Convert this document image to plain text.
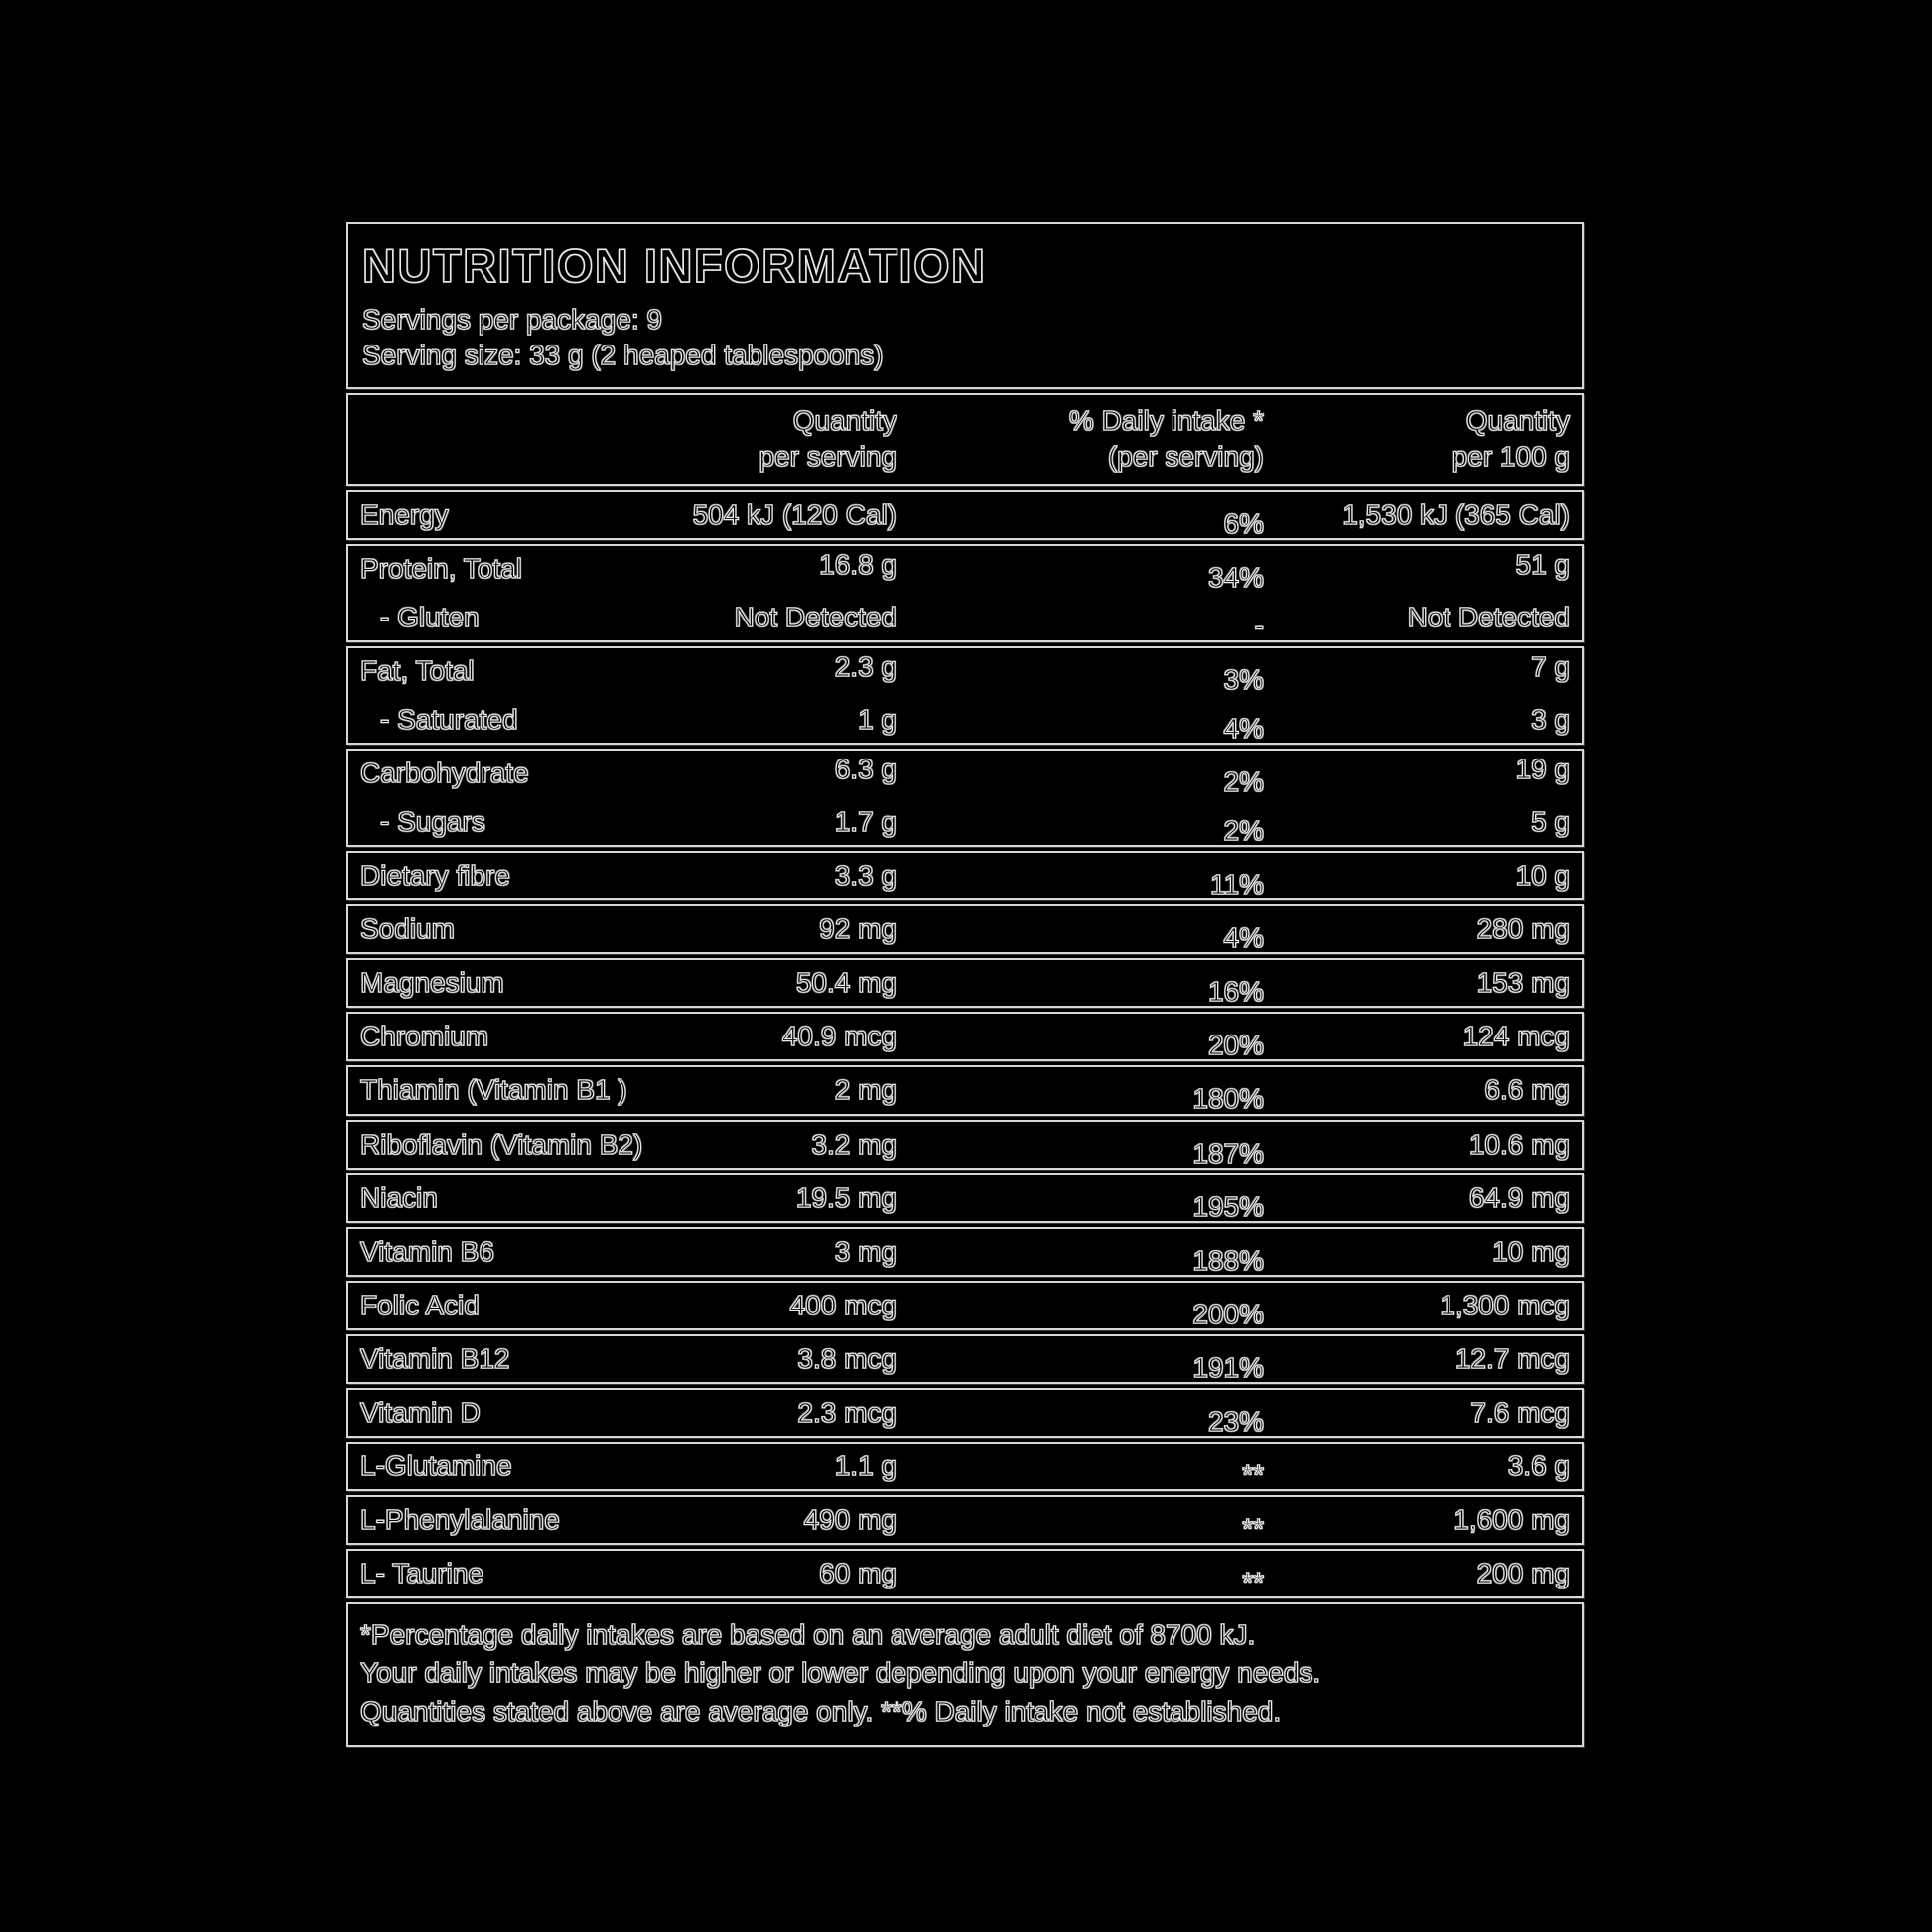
NUTRITION INFORMATION
Servings per package: 9
Serving size: 33 g (2 heaped tablespoons)
Quantity
per serving
% Daily intake *
(per serving)
Quantity
per 100 g
Energy	504 kJ (120 Cal)	6%	1,530 kJ (365 Cal)
Protein, Total	16.8 g	34%	51 g
- Gluten	Not Detected	-	Not Detected
Fat, Total	2.3 g	3%	7 g
- Saturated	1 g	4%	3 g
Carbohydrate	6.3 g	2%	19 g
- Sugars	1.7 g	2%	5 g
Dietary fibre	3.3 g	11%	10 g
Sodium	92 mg	4%	280 mg
Magnesium	50.4 mg	16%	153 mg
Chromium	40.9 mcg	20%	124 mcg
Thiamin (Vitamin B1 )	2 mg	180%	6.6 mg
Riboflavin (Vitamin B2)	3.2 mg	187%	10.6 mg
Niacin	19.5 mg	195%	64.9 mg
Vitamin B6	3 mg	188%	10 mg
Folic Acid	400 mcg	200%	1,300 mcg
Vitamin B12	3.8 mcg	191%	12.7 mcg
Vitamin D	2.3 mcg	23%	7.6 mcg
L-Glutamine	1.1 g	**	3.6 g
L-Phenylalanine	490 mg	**	1,600 mg
L- Taurine	60 mg	**	200 mg
*Percentage daily intakes are based on an average adult diet of 8700 kJ.
Your daily intakes may be higher or lower depending upon your energy needs.
Quantities stated above are average only. **% Daily intake not established.
